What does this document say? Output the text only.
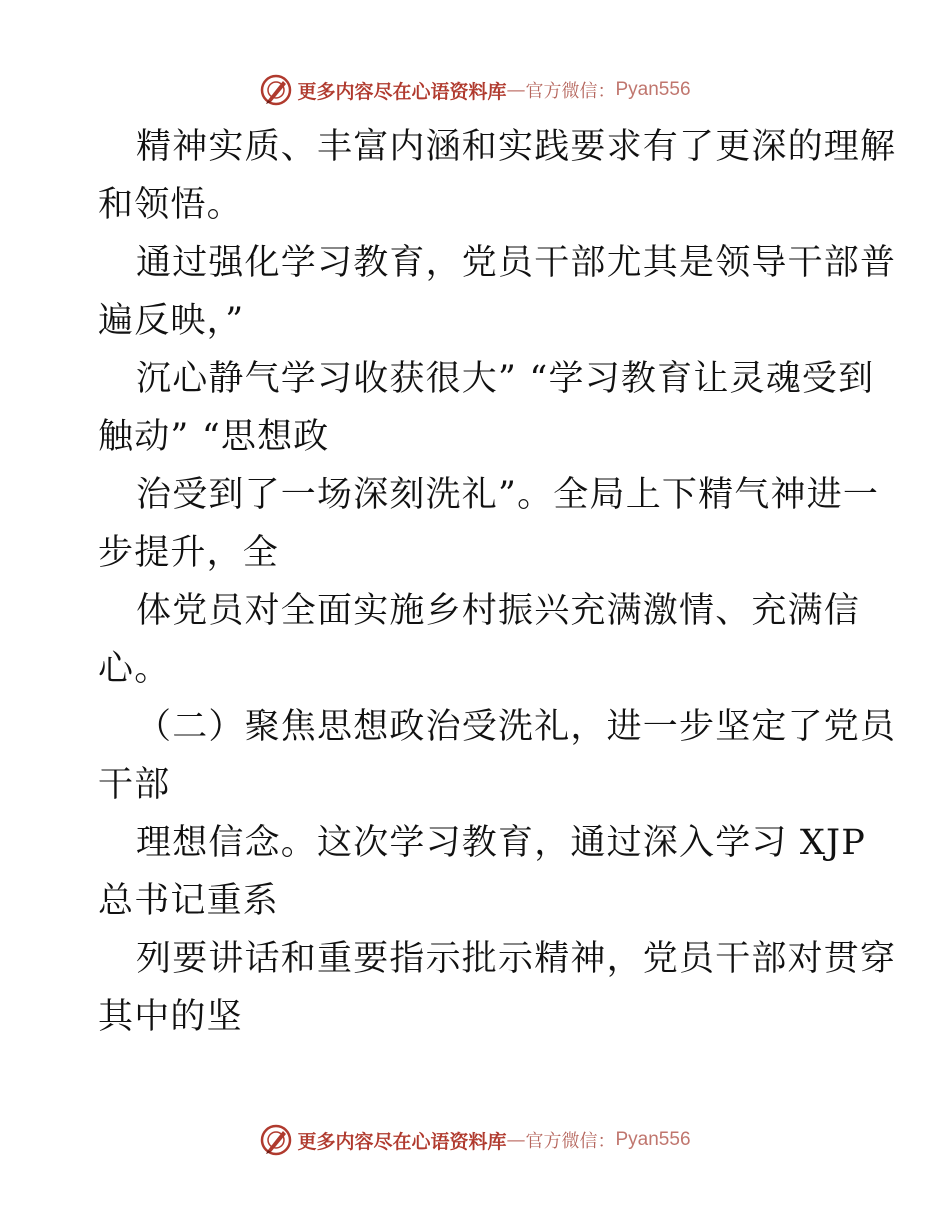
更多内容尽在心语资料库 — 官方微信： Pyan556
精神实质、丰富内涵和实践要求有了更深的理解
和领悟。
通过强化学习教育，党员干部尤其是领导干部普
遍反映，”
沉心静气学习收获很大” “学习教育让灵魂受到
触动” “思想政
治受到了一场深刻洗礼”。全局上下精气神进一
步提升，全
体党员对全面实施乡村振兴充满激情、充满信
心。
（二）聚焦思想政治受洗礼，进一步坚定了党员
干部
理想信念。这次学习教育，通过深入学习 XJP
总书记重系
列要讲话和重要指示批示精神，党员干部对贯穿
其中的坚
更多内容尽在心语资料库 — 官方微信： Pyan556
